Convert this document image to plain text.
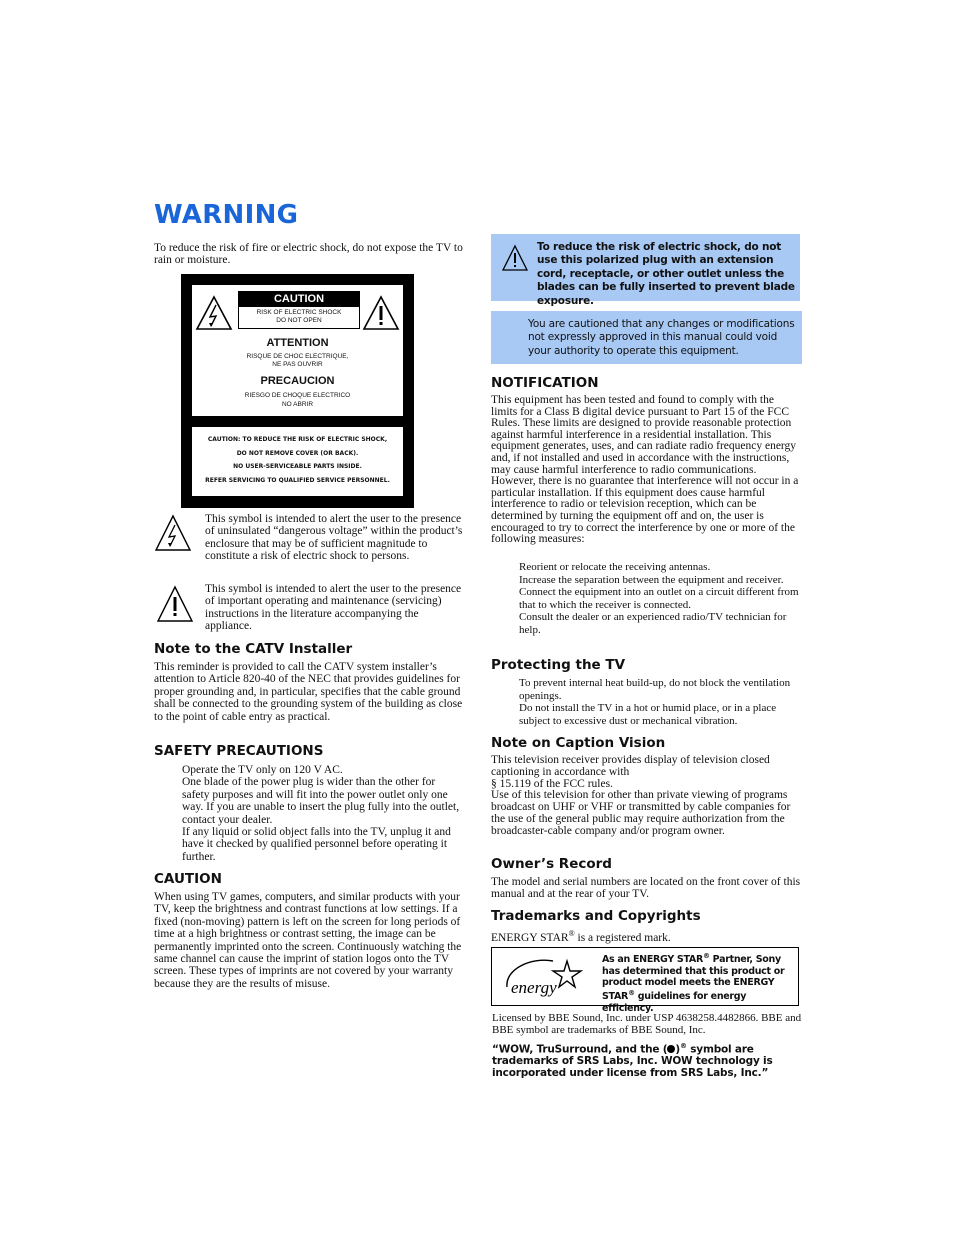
WARNING

To reduce the risk of fire or electric shock, do not expose the TV to rain or moisture.

CAUTION
RISK OF ELECTRIC SHOCK
DO NOT OPEN
ATTENTION
RISQUE DE CHOC ELECTRIQUE,
NE PAS OUVRIR
PRECAUCION
RIESGO DE CHOQUE ELECTRICO
NO ABRIR
CAUTION: TO REDUCE THE RISK OF ELECTRIC SHOCK,
DO NOT REMOVE COVER (OR BACK).
NO USER-SERVICEABLE PARTS INSIDE.
REFER SERVICING TO QUALIFIED SERVICE PERSONNEL.

This symbol is intended to alert the user to the presence of uninsulated “dangerous voltage” within the product’s enclosure that may be of sufficient magnitude to constitute a risk of electric shock to persons.

This symbol is intended to alert the user to the presence of important operating and maintenance (servicing) instructions in the literature accompanying the appliance.

Note to the CATV Installer

This reminder is provided to call the CATV system installer’s attention to Article 820-40 of the NEC that provides guidelines for proper grounding and, in particular, specifies that the cable ground shall be connected to the grounding system of the building as close to the point of cable entry as practical.

SAFETY PRECAUTIONS
Operate the TV only on 120 V AC.
One blade of the power plug is wider than the other for safety purposes and will fit into the power outlet only one way. If you are unable to insert the plug fully into the outlet, contact your dealer.
If any liquid or solid object falls into the TV, unplug it and have it checked by qualified personnel before operating it further.
CAUTION

When using TV games, computers, and similar products with your TV, keep the brightness and contrast functions at low settings. If a fixed (non-moving) pattern is left on the screen for long periods of time at a high brightness or contrast setting, the image can be permanently imprinted onto the screen. Continuously watching the same channel can cause the imprint of station logos onto the TV screen. These types of imprints are not covered by your warranty because they are the results of misuse.

To reduce the risk of electric shock, do not use this polarized plug with an extension cord, receptacle, or other outlet unless the blades can be fully inserted to prevent blade exposure.

You are cautioned that any changes or modifications not expressly approved in this manual could void your authority to operate this equipment.

NOTIFICATION

This equipment has been tested and found to comply with the limits for a Class B digital device pursuant to Part 15 of the FCC Rules. These limits are designed to provide reasonable protection against harmful interference in a residential installation. This equipment generates, uses, and can radiate radio frequency energy and, if not installed and used in accordance with the instructions, may cause harmful interference to radio communications. However, there is no guarantee that interference will not occur in a particular installation. If this equipment does cause harmful interference to radio or television reception, which can be determined by turning the equipment off and on, the user is encouraged to try to correct the interference by one or more of the following measures:

Reorient or relocate the receiving antennas.
Increase the separation between the equipment and receiver.
Connect the equipment into an outlet on a circuit different from that to which the receiver is connected.
Consult the dealer or an experienced radio/TV technician for help.
Protecting the TV
To prevent internal heat build-up, do not block the ventilation openings.
Do not install the TV in a hot or humid place, or in a place subject to excessive dust or mechanical vibration.
Note on Caption Vision

This television receiver provides display of television closed captioning in accordance with

§ 15.119 of the FCC rules.

Use of this television for other than private viewing of programs broadcast on UHF or VHF or transmitted by cable companies for the use of the general public may require authorization from the broadcaster-cable company and/or program owner.

Owner’s Record

The model and serial numbers are located on the front cover of this manual and at the rear of your TV.

Trademarks and Copyrights

ENERGY STAR® is a registered mark.

energy

As an ENERGY STAR® Partner, Sony has determined that this product or product model meets the ENERGY STAR® guidelines for energy efficiency.

Licensed by BBE Sound, Inc. under USP 4638258.4482866. BBE and BBE symbol are trademarks of BBE Sound, Inc.

“WOW, TruSurround, and the ( )® symbol are trademarks of SRS Labs, Inc. WOW technology is incorporated under license from SRS Labs, Inc.”
